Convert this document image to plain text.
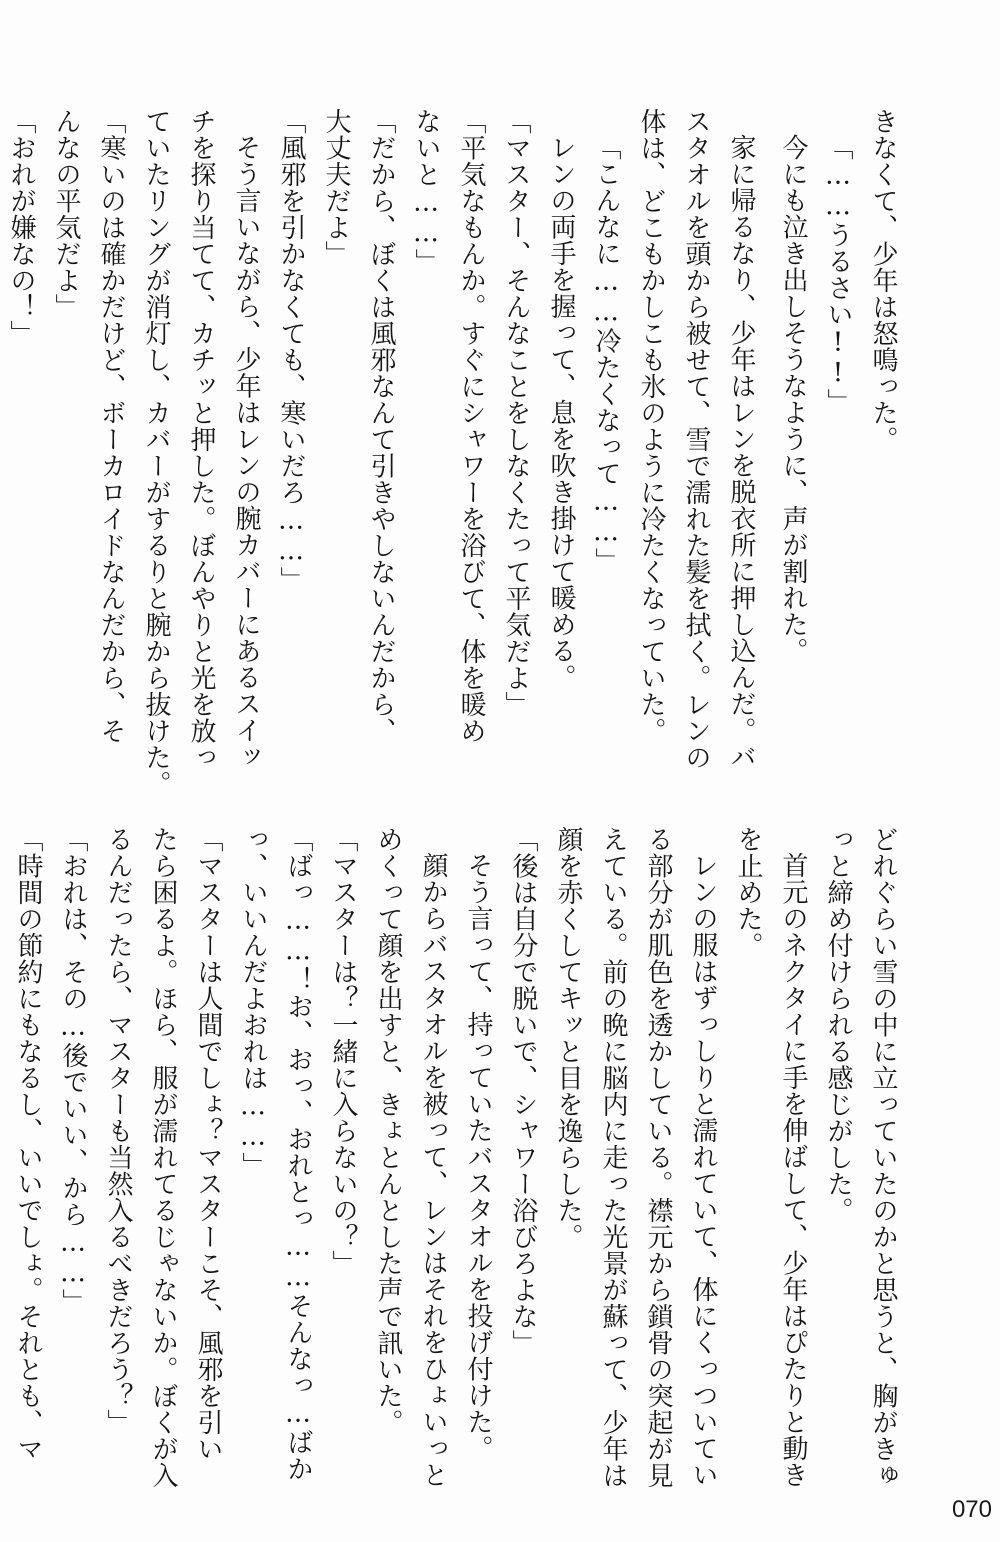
きなくて、少年は怒鳴った。
「……うるさい!!」
今にも泣き出しそうなように、声が割れた。
家に帰るなり、少年はレンを脱衣所に押し込んだ。バ
スタオルを頭から被せて、雪で濡れた髪を拭く。レンの
体は、どこもかしこも氷のように冷たくなっていた。
「こんなに……冷たくなって……」
レンの両手を握って、息を吹き掛けて暖める。
「マスター、そんなことをしなくたって平気だよ」
「平気なもんか。すぐにシャワーを浴びて、体を暖め
ないと……」
「だから、ぼくは風邪なんて引きやしないんだから、
大丈夫だよ」
「風邪を引かなくても、寒いだろ……」
そう言いながら、少年はレンの腕カバーにあるスイッ
チを探り当てて、カチッと押した。ぼんやりと光を放っ
ていたリングが消灯し、カバーがするりと腕から抜けた。
「寒いのは確かだけど、ボーカロイドなんだから、そ
んなの平気だよ」
「おれが嫌なの！」
どれぐらい雪の中に立っていたのかと思うと、胸がきゅ
っと締め付けられる感じがした。
首元のネクタイに手を伸ばして、少年はぴたりと動き
を止めた。
レンの服はずっしりと濡れていて、体にくっついてい
る部分が肌色を透かしている。襟元から鎖骨の突起が見
えている。前の晩に脳内に走った光景が蘇って、少年は
顔を赤くしてキッと目を逸らした。
「後は自分で脱いで、シャワー浴びろよな」
そう言って、持っていたバスタオルを投げ付けた。
顔からバスタオルを被って、レンはそれをひょいっと
めくって顔を出すと、きょとんとした声で訊いた。
「マスターは？一緒に入らないの？」
「ばっ……！お、おっ、おれとっ……そんなっ…ばか
っ、いいんだよおれは……」
「マスターは人間でしょ？マスターこそ、風邪を引い
たら困るよ。ほら、服が濡れてるじゃないか。ぼくが入
るんだったら、マスターも当然入るべきだろう？」
「おれは、その…後でいい、から……」
「時間の節約にもなるし、いいでしょ。それとも、マ
070
